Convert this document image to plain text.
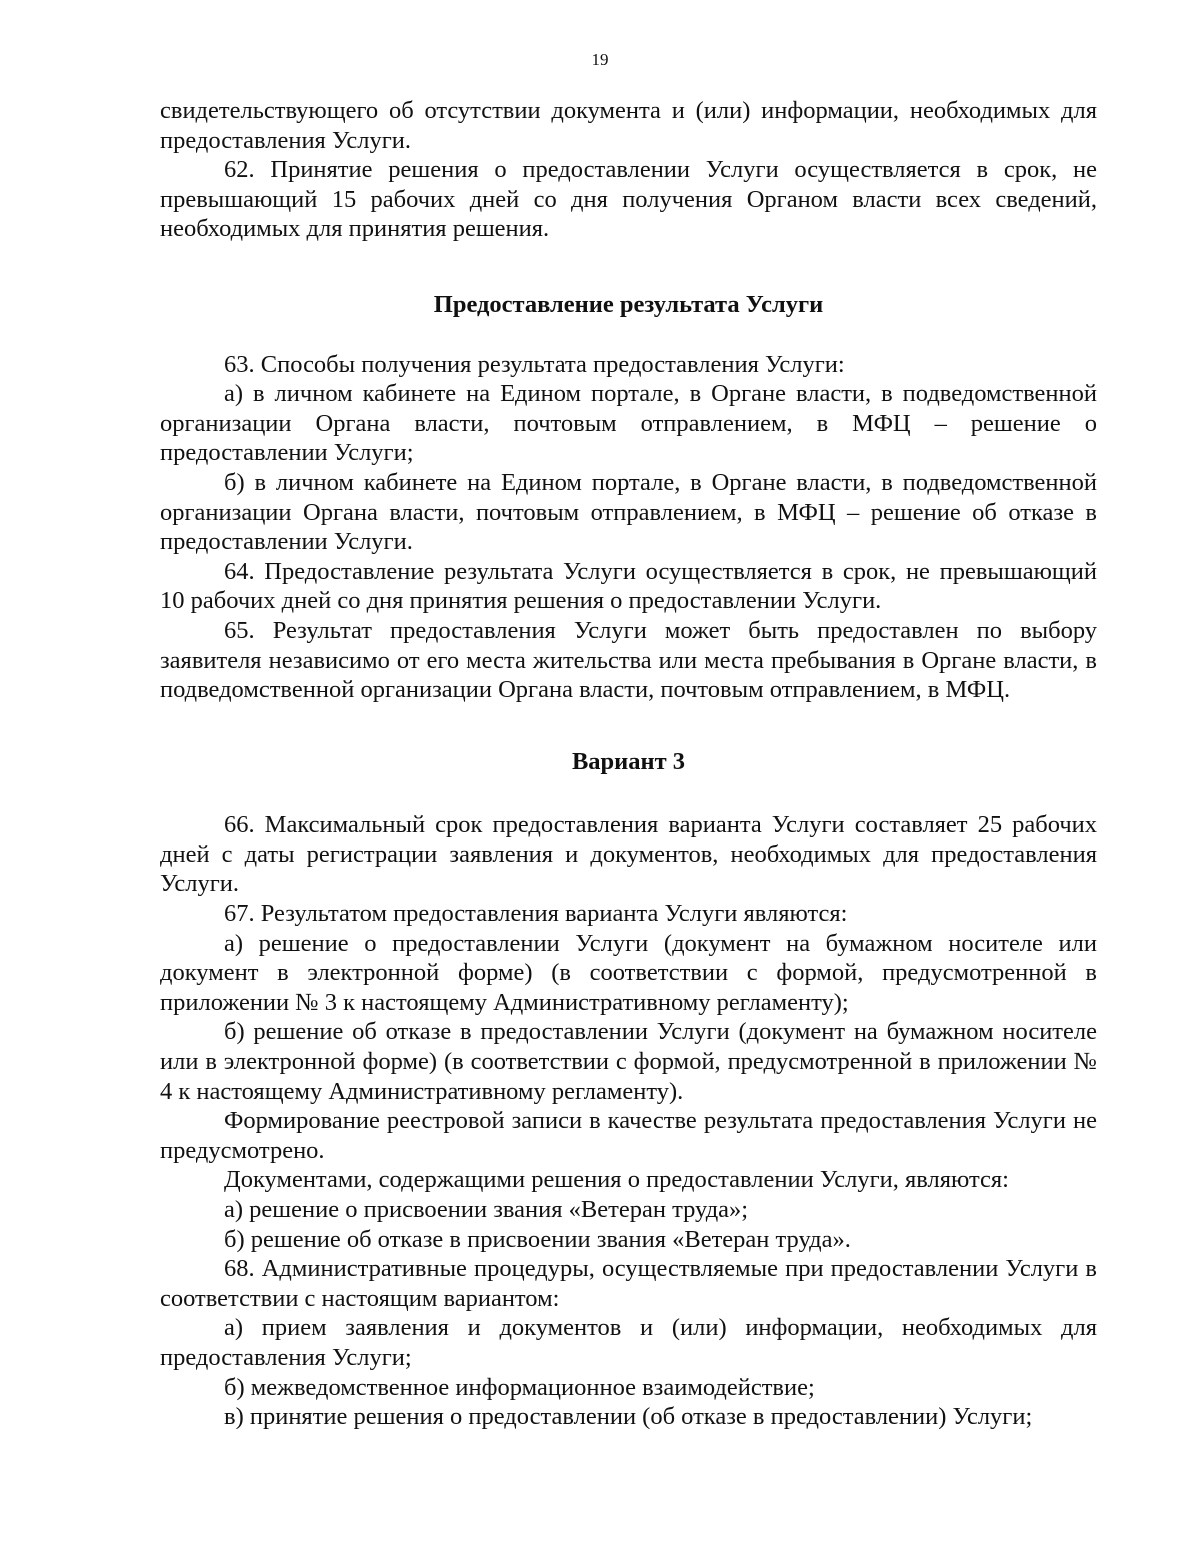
19

свидетельствующего об отсутствии документа и (или) информации, необходимых для предоставления Услуги.

62. Принятие решения о предоставлении Услуги осуществляется в срок, не превышающий 15 рабочих дней со дня получения Органом власти всех сведений, необходимых для принятия решения.

Предоставление результата Услуги

63. Способы получения результата предоставления Услуги:

а) в личном кабинете на Едином портале, в Органе власти, в подведомственной организации Органа власти, почтовым отправлением, в МФЦ – решение о предоставлении Услуги;

б) в личном кабинете на Едином портале, в Органе власти, в подведомственной организации Органа власти, почтовым отправлением, в МФЦ – решение об отказе в предоставлении Услуги.

64. Предоставление результата Услуги осуществляется в срок, не превышающий 10 рабочих дней со дня принятия решения о предоставлении Услуги.

65. Результат предоставления Услуги может быть предоставлен по выбору заявителя независимо от его места жительства или места пребывания в Органе власти, в подведомственной организации Органа власти, почтовым отправлением, в МФЦ.

Вариант 3

66. Максимальный срок предоставления варианта Услуги составляет 25 рабочих дней с даты регистрации заявления и документов, необходимых для предоставления Услуги.

67. Результатом предоставления варианта Услуги являются:

а) решение о предоставлении Услуги (документ на бумажном носителе или документ в электронной форме) (в соответствии с формой, предусмотренной в приложении № 3 к настоящему Административному регламенту);

б) решение об отказе в предоставлении Услуги (документ на бумажном носителе или в электронной форме) (в соответствии с формой, предусмотренной в приложении № 4 к настоящему Административному регламенту).

Формирование реестровой записи в качестве результата предоставления Услуги не предусмотрено.

Документами, содержащими решения о предоставлении Услуги, являются:

а) решение о присвоении звания «Ветеран труда»;

б) решение об отказе в присвоении звания «Ветеран труда».

68. Административные процедуры, осуществляемые при предоставлении Услуги в соответствии с настоящим вариантом:

а) прием заявления и документов и (или) информации, необходимых для предоставления Услуги;

б) межведомственное информационное взаимодействие;

в) принятие решения о предоставлении (об отказе в предоставлении) Услуги;
